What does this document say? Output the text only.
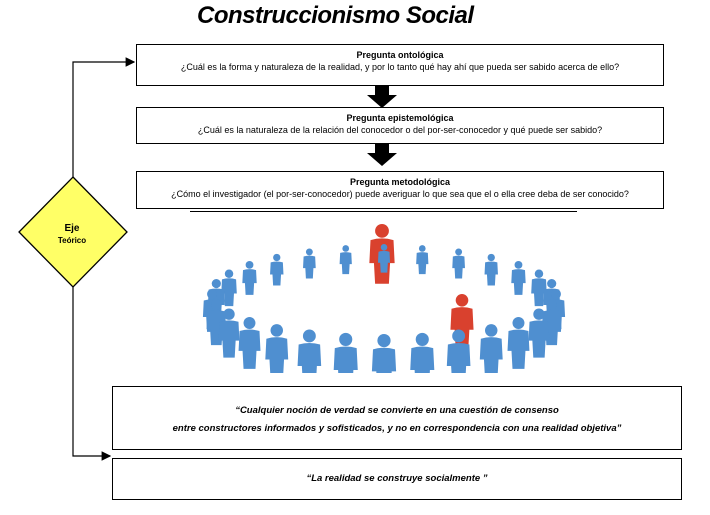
Construccionismo Social
Pregunta ontológica
¿Cuál es la forma y naturaleza de la realidad, y por lo tanto qué hay ahí que pueda ser sabido acerca de ello?
Pregunta epistemológica
¿Cuál es la naturaleza de la relación del conocedor o del por-ser-conocedor y qué puede ser sabido?
Pregunta metodológica
¿Cómo el investigador (el por-ser-conocedor) puede averiguar lo que sea que el o ella cree deba de ser conocido?
Eje
Teórico
“Cualquier noción de verdad se convierte en una cuestión de consenso
entre constructores informados y sofisticados, y no en correspondencia con una realidad objetiva”
“La realidad se construye socialmente ”
